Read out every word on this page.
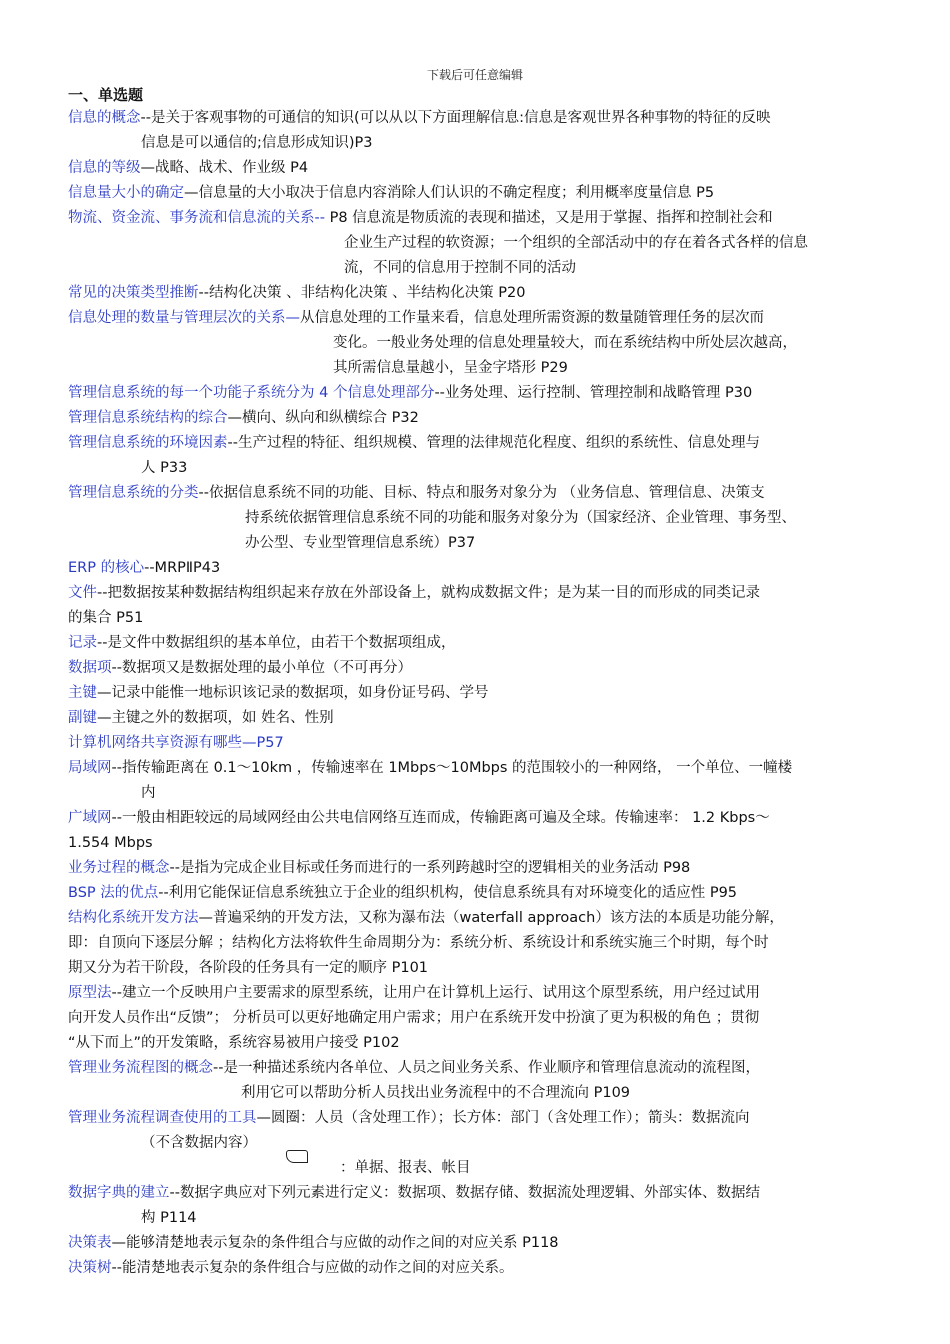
下载后可任意编辑
一、单选题
信息的概念--是关于客观事物的可通信的知识(可以从以下方面理解信息:信息是客观世界各种事物的特征的反映
信息是可以通信的;信息形成知识)P3
信息的等级—战略、战术、作业级 P4
信息量大小的确定—信息量的大小取决于信息内容消除人们认识的不确定程度；利用概率度量信息 P5
物流、资金流、事务流和信息流的关系-- P8 信息流是物质流的表现和描述，又是用于掌握、指挥和控制社会和
企业生产过程的软资源；一个组织的全部活动中的存在着各式各样的信息
流，不同的信息用于控制不同的活动
常见的决策类型推断--结构化决策 、非结构化决策 、半结构化决策 P20
信息处理的数量与管理层次的关系—从信息处理的工作量来看，信息处理所需资源的数量随管理任务的层次而
变化。一般业务处理的信息处理量较大，而在系统结构中所处层次越高，
其所需信息量越小，呈金字塔形 P29
管理信息系统的每一个功能子系统分为 4 个信息处理部分--业务处理、运行控制、管理控制和战略管理 P30
管理信息系统结构的综合—横向、纵向和纵横综合 P32
管理信息系统的环境因素--生产过程的特征、组织规模、管理的法律规范化程度、组织的系统性、信息处理与
人 P33
管理信息系统的分类--依据信息系统不同的功能、目标、特点和服务对象分为 （业务信息、管理信息、决策支
持系统依据管理信息系统不同的功能和服务对象分为（国家经济、企业管理、事务型、
办公型、专业型管理信息系统）P37
ERP 的核心--MRPⅡP43
文件--把数据按某种数据结构组织起来存放在外部设备上，就构成数据文件；是为某一目的而形成的同类记录
的集合 P51
记录--是文件中数据组织的基本单位，由若干个数据项组成，
数据项--数据项又是数据处理的最小单位（不可再分）
主键—记录中能惟一地标识该记录的数据项，如身份证号码、学号
副键—主键之外的数据项，如 姓名、性别
计算机网络共享资源有哪些—P57
局域网--指传输距离在 0.1～10km ，传输速率在 1Mbps～10Mbps 的范围较小的一种网络， 一个单位、一幢楼
内
广域网--一般由相距较远的局域网经由公共电信网络互连而成，传输距离可遍及全球。传输速率： 1.2 Kbps～
1.554 Mbps
业务过程的概念--是指为完成企业目标或任务而进行的一系列跨越时空的逻辑相关的业务活动 P98
BSP 法的优点--利用它能保证信息系统独立于企业的组织机构，使信息系统具有对环境变化的适应性 P95
结构化系统开发方法—普遍采纳的开发方法，又称为瀑布法（waterfall approach）该方法的本质是功能分解，
即：自顶向下逐层分解 ；结构化方法将软件生命周期分为：系统分析、系统设计和系统实施三个时期，每个时
期又分为若干阶段，各阶段的任务具有一定的顺序 P101
原型法--建立一个反映用户主要需求的原型系统，让用户在计算机上运行、试用这个原型系统，用户经过试用
向开发人员作出“反馈”； 分析员可以更好地确定用户需求；用户在系统开发中扮演了更为积极的角色 ；贯彻
“从下而上”的开发策略，系统容易被用户接受 P102
管理业务流程图的概念--是一种描述系统内各单位、人员之间业务关系、作业顺序和管理信息流动的流程图，
利用它可以帮助分析人员找出业务流程中的不合理流向 P109
管理业务流程调查使用的工具—圆圈：人员（含处理工作）；长方体：部门（含处理工作）；箭头：数据流向
（不含数据内容）
：单据、报表、帐目
数据字典的建立--数据字典应对下列元素进行定义：数据项、数据存储、数据流处理逻辑、外部实体、数据结
构 P114
决策表—能够清楚地表示复杂的条件组合与应做的动作之间的对应关系 P118
决策树--能清楚地表示复杂的条件组合与应做的动作之间的对应关系。
